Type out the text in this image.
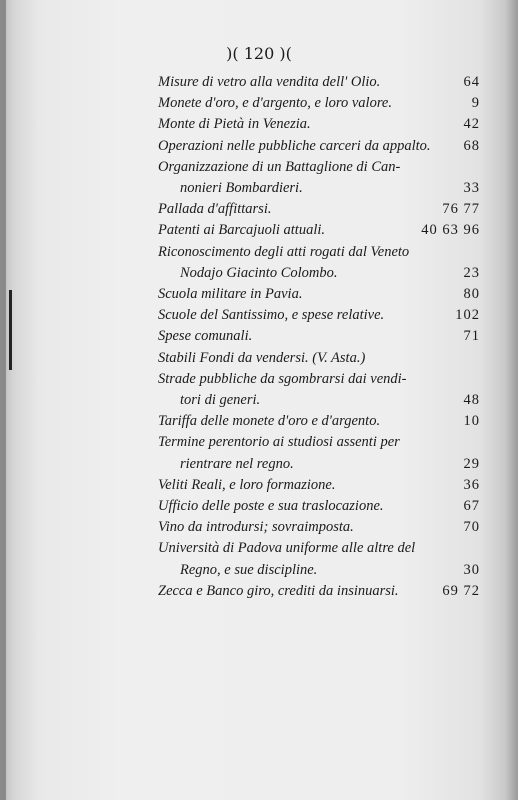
)( 120 )(
Misure di vetro alla vendita dell' Olio.	64
Monete d'oro, e d'argento, e loro valore.	9
Monte di Pietà in Venezia.	42
Operazioni nelle pubbliche carceri da appalto. 68
Organizzazione di un Battaglione di Can-
nonieri Bombardieri.	33
Pallada d'affittarsi.	76 77
Patenti ai Barcajuoli attuali.	40 63 96
Riconoscimento degli atti rogati dal Veneto
Nodajo Giacinto Colombo.	23
Scuola militare in Pavia.	80
Scuole del Santissimo, e spese relative.	102
Spese comunali.	71
Stabili Fondi da vendersi. (V. Asta.)
Strade pubbliche da sgombrarsi dai vendi-
tori di generi.	48
Tariffa delle monete d'oro e d'argento.	10
Termine perentorio ai studiosi assenti per
rientrare nel regno.	29
Veliti Reali, e loro formazione.	36
Ufficio delle poste e sua traslocazione.	67
Vino da introdursi; sovraimposta.	70
Università di Padova uniforme alle altre del
Regno, e sue discipline.	30
Zecca e Banco giro, crediti da insinuarsi.	69 72
